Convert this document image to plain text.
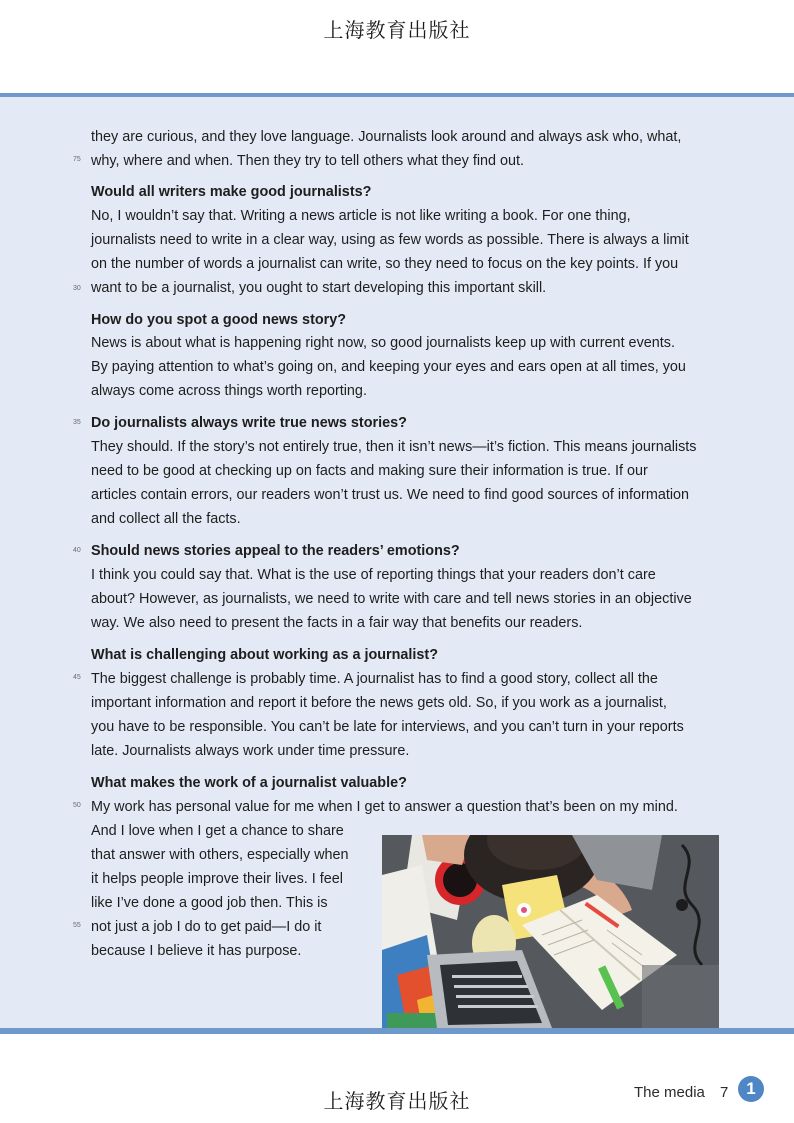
上海教育出版社
75
30
35
40
45
50
55
they are curious, and they love language. Journalists look around and always ask who, what,
why, where and when. Then they try to tell others what they find out.
Would all writers make good journalists?
No, I wouldn’t say that. Writing a news article is not like writing a book. For one thing,
journalists need to write in a clear way, using as few words as possible. There is always a limit
on the number of words a journalist can write, so they need to focus on the key points. If you
want to be a journalist, you ought to start developing this important skill.
How do you spot a good news story?
News is about what is happening right now, so good journalists keep up with current events.
By paying attention to what’s going on, and keeping your eyes and ears open at all times, you
always come across things worth reporting.
Do journalists always write true news stories?
They should. If the story’s not entirely true, then it isn’t news—it’s fiction. This means journalists
need to be good at checking up on facts and making sure their information is true. If our
articles contain errors, our readers won’t trust us. We need to find good sources of information
and collect all the facts.
Should news stories appeal to the readers’ emotions?
I think you could say that. What is the use of reporting things that your readers don’t care
about? However, as journalists, we need to write with care and tell news stories in an objective
way. We also need to present the facts in a fair way that benefits our readers.
What is challenging about working as a journalist?
The biggest challenge is probably time. A journalist has to find a good story, collect all the
important information and report it before the news gets old. So, if you work as a journalist,
you have to be responsible. You can’t be late for interviews, and you can’t turn in your reports
late. Journalists always work under time pressure.
What makes the work of a journalist valuable?
My work has personal value for me when I get to answer a question that’s been on my mind.
And I love when I get a chance to share
that answer with others, especially when
it helps people improve their lives. I feel
like I’ve done a good job then. This is
not just a job I do to get paid—I do it
because I believe it has purpose.
上海教育出版社	The media 7	1
